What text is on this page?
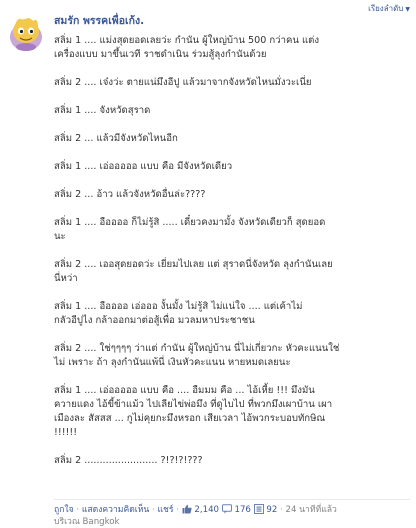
เรียงลำดับ ▼
สมรัก พรรคเพื่อเก้ง.
สลิ่ม 1 .... แม่งสุดยอดเลยว่ะ กำนัน ผู้ใหญ่บ้าน 500 กว่าคน แต่ง
เครื่องแบบ มาขึ้นเวที ราชดำเนิน ร่วมสู้ลุงกำนันด้วย
สลิ่ม 2 .... เจ๋งว่ะ ตายแน่มึงอีปู แล้วมาจากจังหวัดไหนมั่งวะเนี่ย
สลิ่ม 1 .... จังหวัดสุราด
สลิ่ม 2 ... แล้วมีจังหวัดไหนอีก
สลิ่ม 1 .... เอ่อออออ แบบ คือ มีจังหวัดเดียว
สลิ่ม 2 ... อ้าว แล้วจังหวัดอื่นล่ะ????
สลิ่ม 1 .... อืออออ ก็ไม่รู้สิ ..... เดี๋ยวคงมามั้ง จังหวัดเดียวก็ สุดยอด
นะ
สลิ่ม 2 .... เออสุดยอดว่ะ เยี่ยมไปเลย แต่ สุราดนี่จังหวัด ลุงกำนันเลย
นี่หว่า
สลิ่ม 1 .... อืออออ เอ่อออ งั้นมั้ง ไม่รู้สิ ไม่แน่ใจ .... แต่เค้าไม่
กลัวอีปูไง กล้าออกมาต่อสู้เพื่อ มวลมหาประชาชน
สลิ่ม 2 .... ใช่ๆๆๆๆ ว่าแต่ กำนัน ผู้ใหญ่บ้าน นี่ไม่เกี่ยวกะ หัวคะแนนใช่
ไม่ เพราะ ถ้า ลุงกำนันแพ้นี่ เงินหัวคะแนน หายหมดเลยนะ
สลิ่ม 1 .... เอ่อออออ แบบ คือ .... อืมมม คือ ... ไอ้เหี้ย !!! มึงมัน
ควายแดง ไอ้ขี้ข้าแม้ว ไปเลียไข่พ่อมึง ที่ดูไบไป ที่พวกมึงเผาบ้าน เผา
เมืองละ สัสสส ... กูไม่คุยกะมึงหรอก เสียเวลา ไอ้พวกระบอบทักษิณ
!!!!!!
สลิ่ม 2 ........................ ?!?!?!???
ถูกใจ · แสดงความคิดเห็น · แชร์ ·  2,140 176 92 · 24 นาทีที่แล้ว
บริเวณ Bangkok
